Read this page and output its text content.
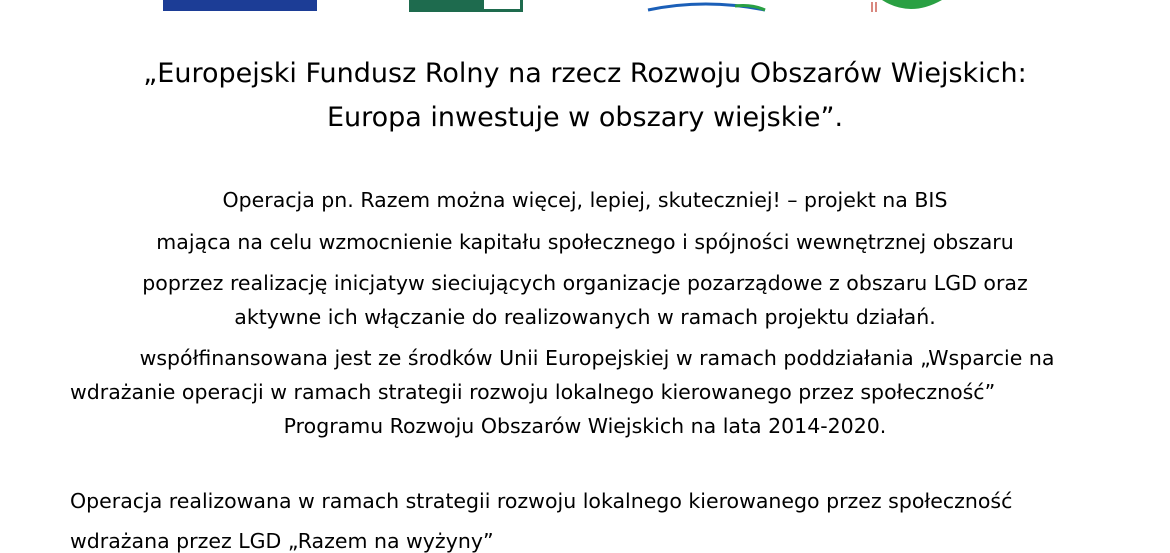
„Europejski Fundusz Rolny na rzecz Rozwoju Obszarów Wiejskich:
Europa inwestuje w obszary wiejskie”.

Operacja pn. Razem można więcej, lepiej, skuteczniej! – projekt na BIS

mająca na celu wzmocnienie kapitału społecznego i spójności wewnętrznej obszaru

poprzez realizację inicjatyw sieciujących organizacje pozarządowe z obszaru LGD oraz

aktywne ich włączanie do realizowanych w ramach projektu działań.

współfinansowana jest ze środków Unii Europejskiej w ramach poddziałania „Wsparcie na

wdrażanie operacji w ramach strategii rozwoju lokalnego kierowanego przez społeczność”

Programu Rozwoju Obszarów Wiejskich na lata 2014-2020.

Operacja realizowana w ramach strategii rozwoju lokalnego kierowanego przez społeczność

wdrażana przez LGD „Razem na wyżyny”
